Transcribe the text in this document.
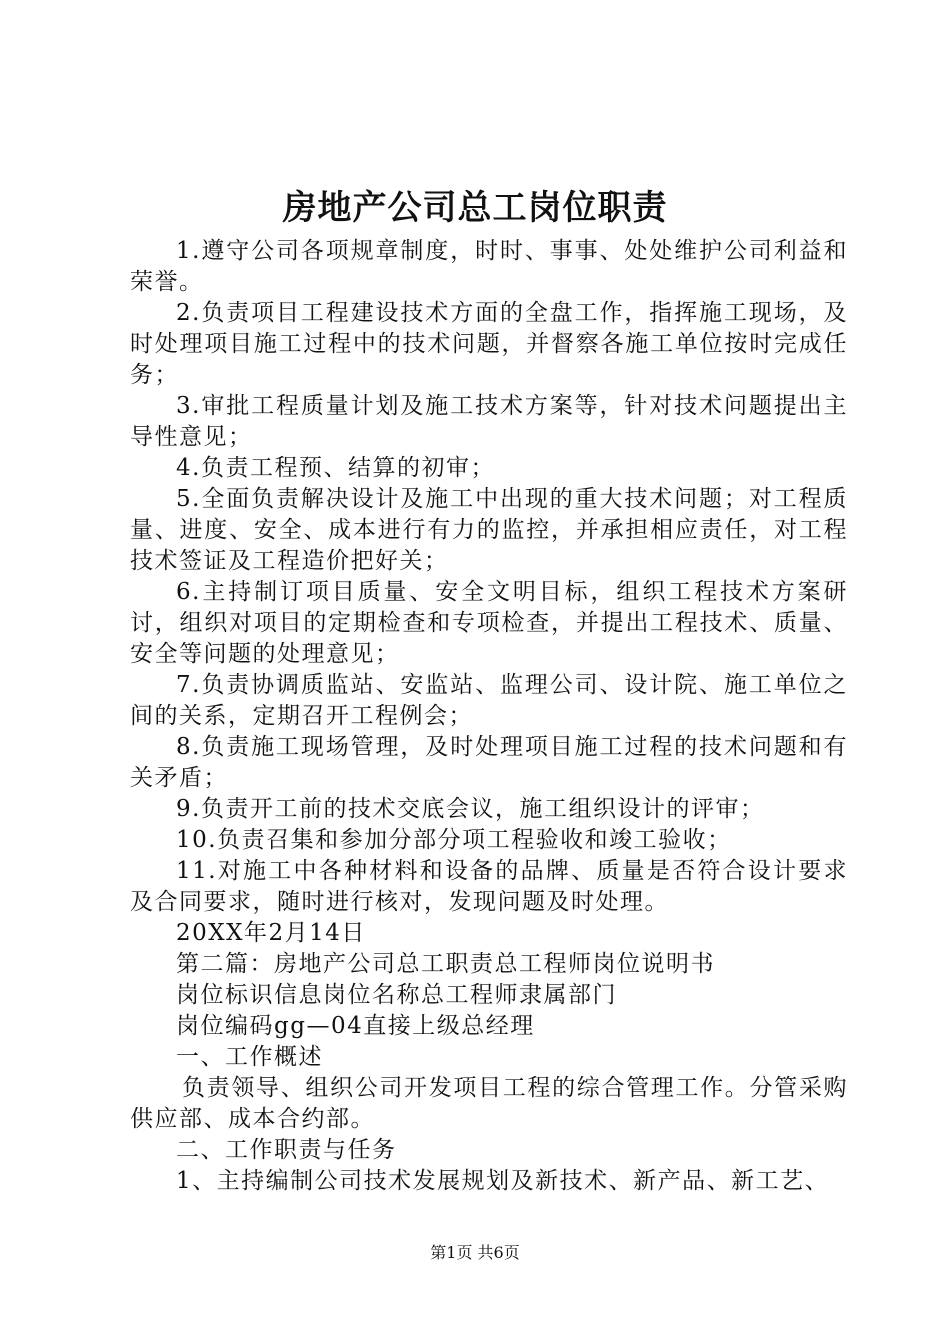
房地产公司总工岗位职责

1.遵守公司各项规章制度，时时、事事、处处维护公司利益和荣誉。

2.负责项目工程建设技术方面的全盘工作，指挥施工现场，及时处理项目施工过程中的技术问题，并督察各施工单位按时完成任务；

3.审批工程质量计划及施工技术方案等，针对技术问题提出主导性意见；

4.负责工程预、结算的初审；

5.全面负责解决设计及施工中出现的重大技术问题；对工程质量、进度、安全、成本进行有力的监控，并承担相应责任，对工程技术签证及工程造价把好关；

6.主持制订项目质量、安全文明目标，组织工程技术方案研讨，组织对项目的定期检查和专项检查，并提出工程技术、质量、安全等问题的处理意见；

7.负责协调质监站、安监站、监理公司、设计院、施工单位之间的关系，定期召开工程例会；

8.负责施工现场管理，及时处理项目施工过程的技术问题和有关矛盾；

9.负责开工前的技术交底会议，施工组织设计的评审；

10.负责召集和参加分部分项工程验收和竣工验收；

11.对施工中各种材料和设备的品牌、质量是否符合设计要求及合同要求，随时进行核对，发现问题及时处理。

20XX年2月14日

第二篇：房地产公司总工职责总工程师岗位说明书

岗位标识信息岗位名称总工程师隶属部门

岗位编码gg—04直接上级总经理

一、工作概述

负责领导、组织公司开发项目工程的综合管理工作。分管采购供应部、成本合约部。

二、工作职责与任务

1、主持编制公司技术发展规划及新技术、新产品、新工艺、

第1页 共6页
